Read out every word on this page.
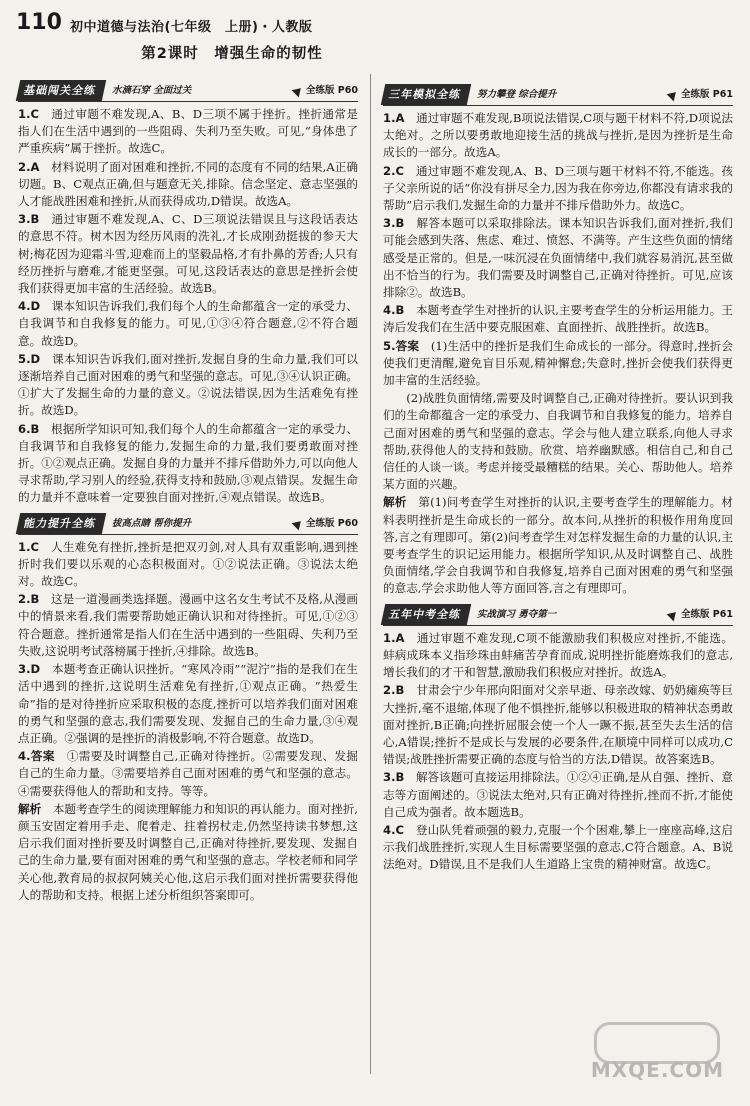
110 初中道德与法治(七年级　上册)・人教版
第2课时　增强生命的韧性
基础闯关全练	水滴石穿 全面过关	全练版 P60

1.C　 通过审题不难发现,A、B、D三项不属于挫折。挫折通常是指人们在生活中遇到的一些阻碍、失利乃至失败。可见,“身体患了严重疾病”属于挫折。故选C。

2.A　 材料说明了面对困难和挫折,不同的态度有不同的结果,A正确切题。B、C观点正确,但与题意无关,排除。信念坚定、意志坚强的人才能战胜困难和挫折,从而获得成功,D错误。故选A。

3.B　 通过审题不难发现,A、C、D三项说法错误且与这段话表达的意思不符。树木因为经历风雨的洗礼,才长成刚劲挺拔的参天大树;梅花因为迎霜斗雪,迎难而上的坚毅品格,才有扑鼻的芳香;人只有经历挫折与磨难,才能更坚强。可见,这段话表达的意思是挫折会使我们获得更加丰富的生活经验。故选B。

4.D　 课本知识告诉我们,我们每个人的生命都蕴含一定的承受力、自我调节和自我修复的能力。可见,①③④符合题意,②不符合题意。故选D。

5.D　 课本知识告诉我们,面对挫折,发掘自身的生命力量,我们可以逐渐培养自己面对困难的勇气和坚强的意志。可见,③④认识正确。①扩大了发掘生命的力量的意义。②说法错误,因为生活难免有挫折。故选D。

6.B　 根据所学知识可知,我们每个人的生命都蕴含一定的承受力、自我调节和自我修复的能力,发掘生命的力量,我们要勇敢面对挫折。①②观点正确。发掘自身的力量并不排斥借助外力,可以向他人寻求帮助,学习别人的经验,获得支持和鼓励,③观点错误。发掘生命的力量并不意味着一定要独自面对挫折,④观点错误。故选B。

能力提升全练	拔高点睛 帮你提升	全练版 P60

1.C　 人生难免有挫折,挫折是把双刃剑,对人具有双重影响,遇到挫折时我们要以乐观的心态积极面对。①②说法正确。③说法太绝对。故选C。

2.B　 这是一道漫画类选择题。漫画中这名女生考试不及格,从漫画中的情景来看,我们需要帮助她正确认识和对待挫折。可见,①②③符合题意。挫折通常是指人们在生活中遇到的一些阻碍、失利乃至失败,这说明考试落榜属于挫折,④排除。故选B。

3.D　 本题考查正确认识挫折。“寒风冷雨”“泥泞”指的是我们在生活中遇到的挫折,这说明生活难免有挫折,①观点正确。“热爱生命”指的是对待挫折应采取积极的态度,挫折可以培养我们面对困难的勇气和坚强的意志,我们需要发现、发掘自己的生命力量,③④观点正确。②强调的是挫折的消极影响,不符合题意。故选D。

4.答案　 ①需要及时调整自己,正确对待挫折。②需要发现、发掘自己的生命力量。③需要培养自己面对困难的勇气和坚强的意志。④需要获得他人的帮助和支持。等等。

解析　 本题考查学生的阅读理解能力和知识的再认能力。面对挫折,颜玉安固定着用手走、爬着走、拄着拐杖走,仍然坚持读书梦想,这启示我们面对挫折要及时调整自己,正确对待挫折,要发现、发掘自己的生命力量,要有面对困难的勇气和坚强的意志。学校老师和同学关心他,教育局的叔叔阿姨关心他,这启示我们面对挫折需要获得他人的帮助和支持。根据上述分析组织答案即可。

三年模拟全练	努力攀登 综合提升	全练版 P61

1.A　 通过审题不难发现,B项说法错误,C项与题干材料不符,D项说法太绝对。之所以要勇敢地迎接生活的挑战与挫折,是因为挫折是生命成长的一部分。故选A。

2.C　 通过审题不难发现,A、B、D三项与题干材料不符,不能选。孩子父亲所说的话“你没有拼尽全力,因为我在你旁边,你都没有请求我的帮助”启示我们,发掘生命的力量并不排斥借助外力。故选C。

3.B　 解答本题可以采取排除法。课本知识告诉我们,面对挫折,我们可能会感到失落、焦虑、难过、愤怒、不满等。产生这些负面的情绪感受是正常的。但是,一味沉浸在负面情绪中,我们就容易消沉,甚至做出不恰当的行为。我们需要及时调整自己,正确对待挫折。可见,应该排除②。故选B。

4.B　 本题考查学生对挫折的认识,主要考查学生的分析运用能力。王涛后发我们在生活中要克服困难、直面挫折、战胜挫折。故选B。

5.答案　 (1)生活中的挫折是我们生命成长的一部分。得意时,挫折会使我们更清醒,避免盲目乐观,精神懈怠;失意时,挫折会使我们获得更加丰富的生活经验。

(2)战胜负面情绪,需要及时调整自己,正确对待挫折。要认识到我们的生命都蕴含一定的承受力、自我调节和自我修复的能力。培养自己面对困难的勇气和坚强的意志。学会与他人建立联系,向他人寻求帮助,获得他人的支持和鼓励。欣赏、培养幽默感。相信自己,和自己信任的人谈一谈。考虑并接受最糟糕的结果。关心、帮助他人。培养某方面的兴趣。

解析　 第(1)问考查学生对挫折的认识,主要考查学生的理解能力。材料表明挫折是生命成长的一部分。故本问,从挫折的积极作用角度回答,言之有理即可。第(2)问考查学生对怎样发掘生命的力量的认识,主要考查学生的识记运用能力。根据所学知识,从及时调整自己、战胜负面情绪,学会自我调节和自我修复,培养自己面对困难的勇气和坚强的意志,学会求助他人等方面回答,言之有理即可。

五年中考全练	实战演习 勇夺第一	全练版 P61

1.A　 通过审题不难发现,C项不能激励我们积极应对挫折,不能选。蚌病成珠本义指珍珠由蚌痛苦孕育而成,说明挫折能磨炼我们的意志,增长我们的才干和智慧,激励我们积极应对挫折。故选A。

2.B　 甘肃会宁少年邢向阳面对父亲早逝、母亲改嫁、奶奶瘫痪等巨大挫折,毫不退缩,体现了他不惧挫折,能够以积极进取的精神状态勇敢面对挫折,B正确;向挫折屈服会使一个人一蹶不振,甚至失去生活的信心,A错误;挫折不是成长与发展的必要条件,在顺境中同样可以成功,C错误;战胜挫折需要正确的态度与恰当的方法,D错误。故答案选B。

3.B　 解答该题可直接运用排除法。①②④正确,是从自强、挫折、意志等方面阐述的。③说法太绝对,只有正确对待挫折,挫而不折,才能使自己成为强者。故本题选B。

4.C　 登山队凭着顽强的毅力,克服一个个困难,攀上一座座高峰,这启示我们战胜挫折,实现人生目标需要坚强的意志,C符合题意。A、B说法绝对。D错误,且不是我们人生道路上宝贵的精神财富。故选C。

MXQE.COM
